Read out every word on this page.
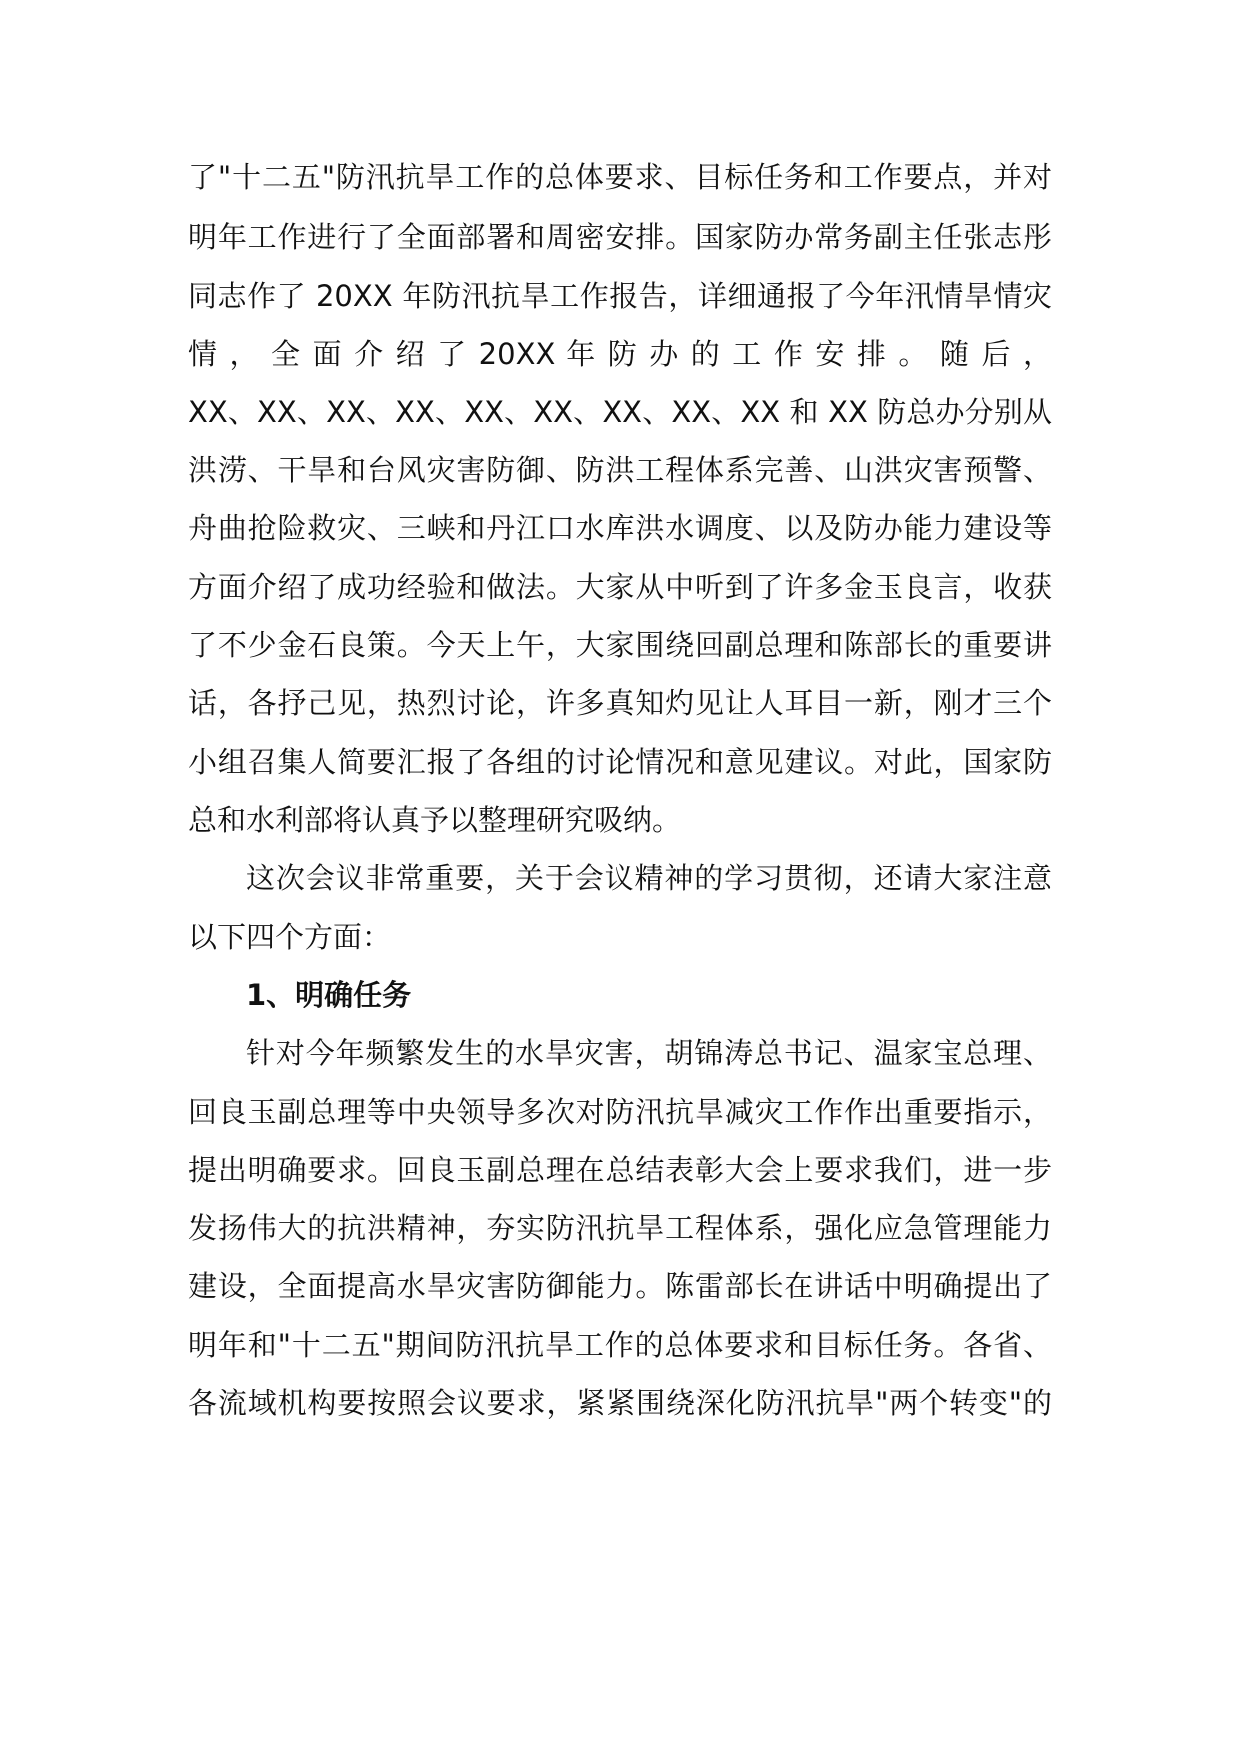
了"十二五"防汛抗旱工作的总体要求、目标任务和工作要点，并对
明年工作进行了全面部署和周密安排。国家防办常务副主任张志彤
同志作了 20XX 年防汛抗旱工作报告，详细通报了今年汛情旱情灾
情 ， 全 面 介 绍 了 20XX 年 防 办 的 工 作 安 排 。 随 后 ，
XX、XX、XX、XX、XX、XX、XX、XX、XX 和 XX 防总办分别从
洪涝、干旱和台风灾害防御、防洪工程体系完善、山洪灾害预警、
舟曲抢险救灾、三峡和丹江口水库洪水调度、以及防办能力建设等
方面介绍了成功经验和做法。大家从中听到了许多金玉良言，收获
了不少金石良策。今天上午，大家围绕回副总理和陈部长的重要讲
话，各抒己见，热烈讨论，许多真知灼见让人耳目一新，刚才三个
小组召集人简要汇报了各组的讨论情况和意见建议。对此，国家防
总和水利部将认真予以整理研究吸纳。
这次会议非常重要，关于会议精神的学习贯彻，还请大家注意
以下四个方面：
1、明确任务
针对今年频繁发生的水旱灾害，胡锦涛总书记、温家宝总理、
回良玉副总理等中央领导多次对防汛抗旱减灾工作作出重要指示，
提出明确要求。回良玉副总理在总结表彰大会上要求我们，进一步
发扬伟大的抗洪精神，夯实防汛抗旱工程体系，强化应急管理能力
建设，全面提高水旱灾害防御能力。陈雷部长在讲话中明确提出了
明年和"十二五"期间防汛抗旱工作的总体要求和目标任务。各省、
各流域机构要按照会议要求，紧紧围绕深化防汛抗旱"两个转变"的
